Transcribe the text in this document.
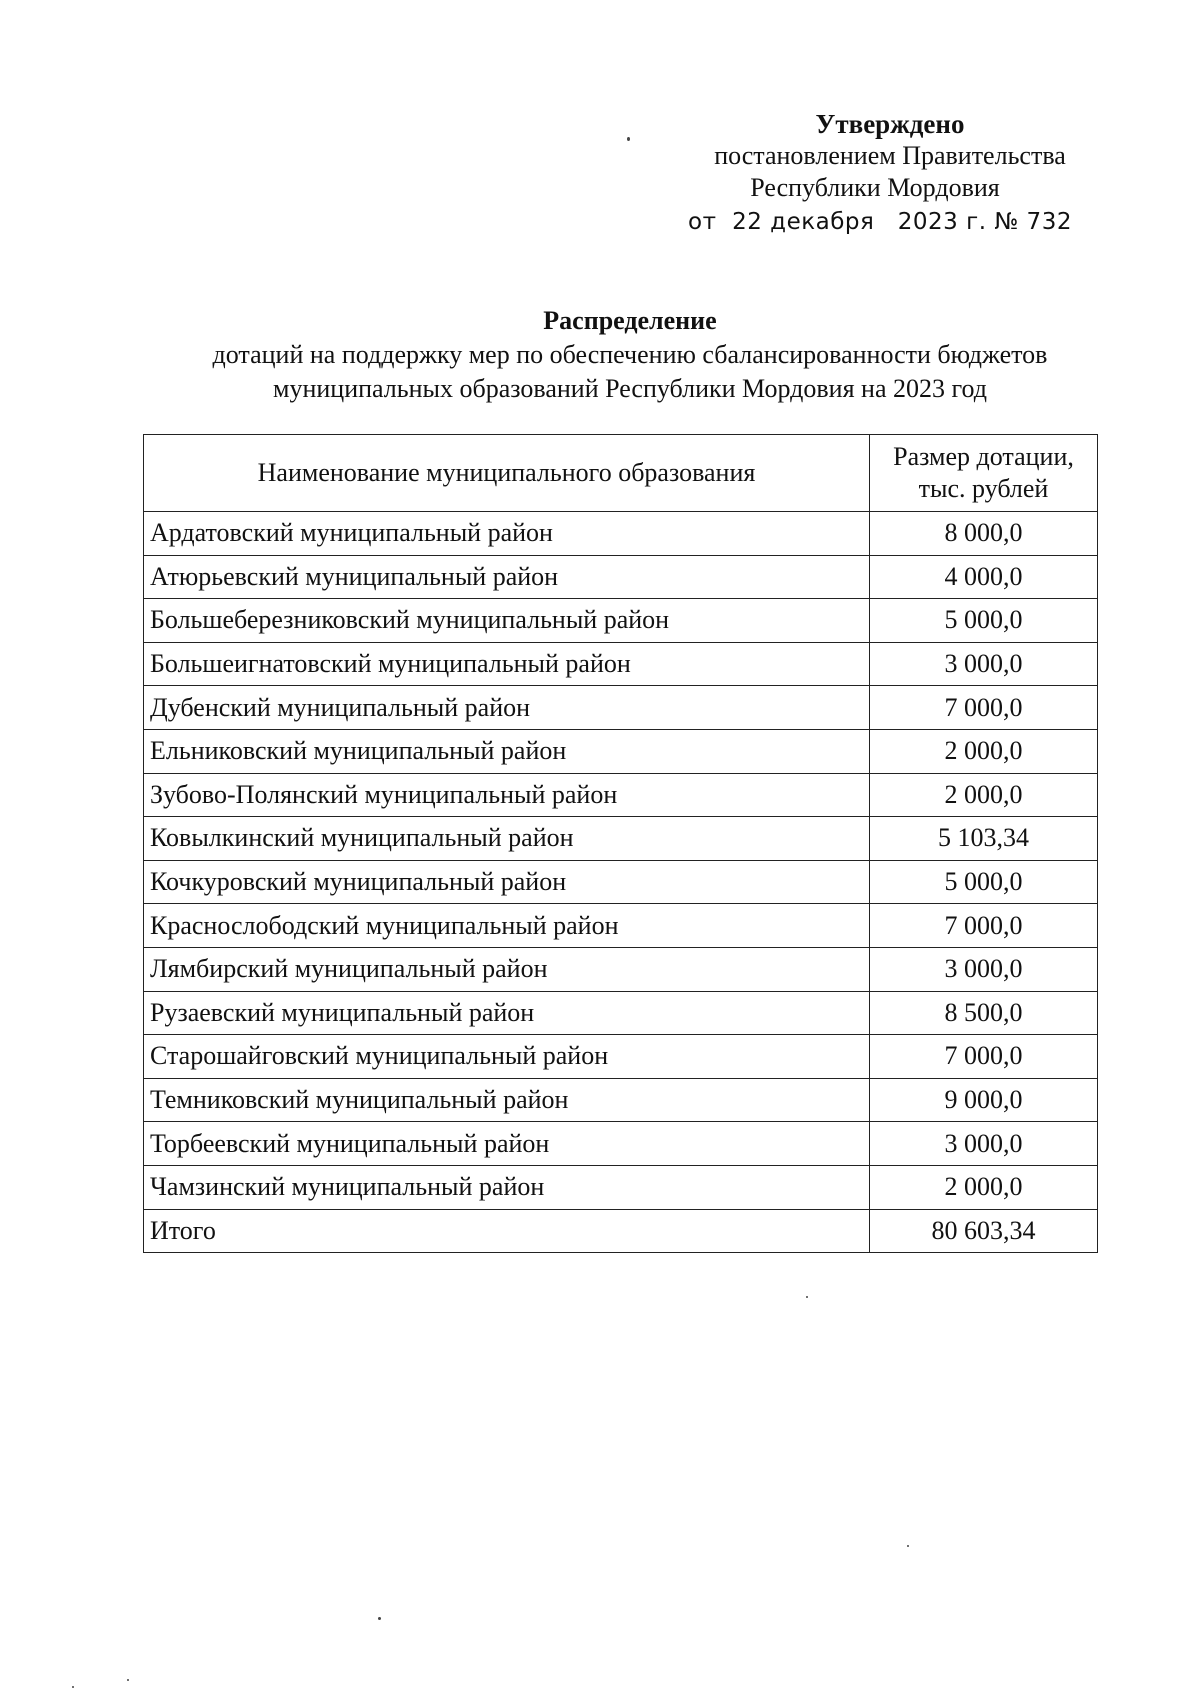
Утверждено
постановлением Правительства
Республики Мордовия
от  22 декабря   2023 г. № 732
Распределение
дотаций на поддержку мер по обеспечению сбалансированности бюджетов
муниципальных образований Республики Мордовия на 2023 год
Наименование муниципального образования	Размер дотации,
тыс. рублей

Ардатовский муниципальный район	8 000,0
Атюрьевский муниципальный район	4 000,0
Большеберезниковский муниципальный район	5 000,0
Большеигнатовский муниципальный район	3 000,0
Дубенский муниципальный район	7 000,0
Ельниковский муниципальный район	2 000,0
Зубово-Полянский муниципальный район	2 000,0
Ковылкинский муниципальный район	5 103,34
Кочкуровский муниципальный район	5 000,0
Краснослободский муниципальный район	7 000,0
Лямбирский муниципальный район	3 000,0
Рузаевский муниципальный район	8 500,0
Старошайговский муниципальный район	7 000,0
Темниковский муниципальный район	9 000,0
Торбеевский муниципальный район	3 000,0
Чамзинский муниципальный район	2 000,0
Итого	80 603,34
